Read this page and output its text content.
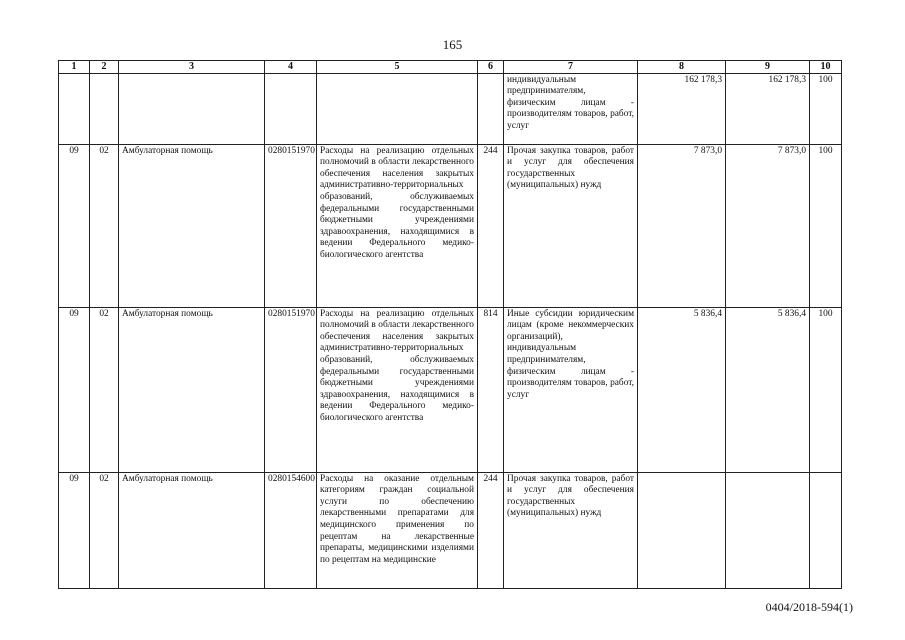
165
1	2	3	4	5	6	7	8	9	10
						индивидуальным предпринимателям, физическим лицам - производителям товаров, работ, услуг	162 178,3	162 178,3	100
09	02	Амбулаторная помощь	0280151970	Расходы на реализацию отдельных полномочий в области лекарственного обеспечения населения закрытых административно-территориальных образований, обслуживаемых федеральными государственными бюджетными учреждениями здравоохранения, находящимися в ведении Федерального медико-биологического агентства	244	Прочая закупка товаров, работ и услуг для обеспечения государственных (муниципальных) нужд	7 873,0	7 873,0	100
09	02	Амбулаторная помощь	0280151970	Расходы на реализацию отдельных полномочий в области лекарственного обеспечения населения закрытых административно-территориальных образований, обслуживаемых федеральными государственными бюджетными учреждениями здравоохранения, находящимися в ведении Федерального медико-биологического агентства	814	Иные субсидии юридическим лицам (кроме некоммерческих организаций), индивидуальным предпринимателям, физическим лицам - производителям товаров, работ, услуг	5 836,4	5 836,4	100
09	02	Амбулаторная помощь	0280154600	Расходы на оказание отдельным категориям граждан социальной услуги по обеспечению лекарственными препаратами для медицинского применения по рецептам на лекарственные препараты, медицинскими изделиями по рецептам на медицинские	244	Прочая закупка товаров, работ и услуг для обеспечения государственных (муниципальных) нужд			
0404/2018-594(1)
